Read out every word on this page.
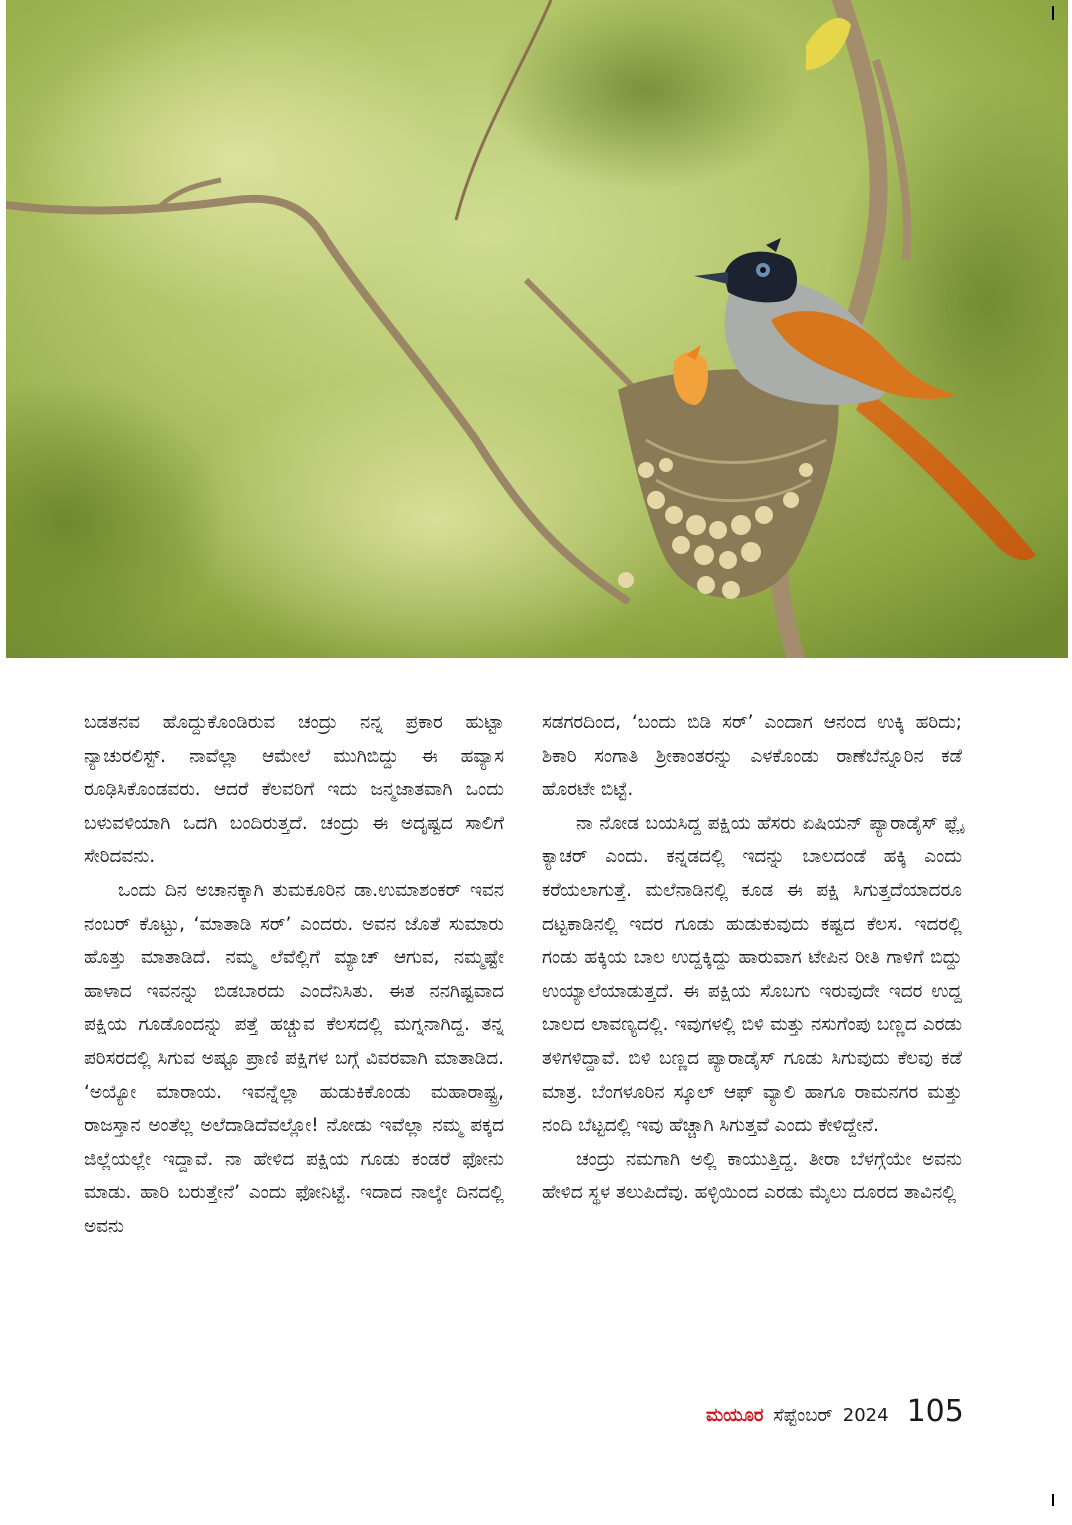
ಬಡತನವ ಹೊದ್ದುಕೊಂಡಿರುವ ಚಂದ್ರು ನನ್ನ ಪ್ರಕಾರ ಹುಟ್ಟಾ ನ್ಯಾಚುರಲಿಸ್ಟ್. ನಾವೆಲ್ಲಾ ಆಮೇಲೆ ಮುಗಿಬಿದ್ದು ಈ ಹವ್ಯಾಸ ರೂಢಿಸಿಕೊಂಡವರು. ಆದರೆ ಕೆಲವರಿಗೆ ಇದು ಜನ್ಮಜಾತವಾಗಿ ಒಂದು ಬಳುವಳಿಯಾಗಿ ಒದಗಿ ಬಂದಿರುತ್ತದೆ. ಚಂದ್ರು ಈ ಅದೃಷ್ಟದ ಸಾಲಿಗೆ ಸೇರಿದವನು.

ಒಂದು ದಿನ ಅಚಾನಕ್ಕಾಗಿ ತುಮಕೂರಿನ ಡಾ.ಉಮಾಶಂಕರ್ ಇವನ ನಂಬರ್ ಕೊಟ್ಟು, ‘ಮಾತಾಡಿ ಸರ್’ ಎಂದರು. ಅವನ ಜೊತೆ ಸುಮಾರು ಹೊತ್ತು ಮಾತಾಡಿದೆ. ನಮ್ಮ ಲೆವೆಲ್ಲಿಗೆ ಮ್ಯಾಚ್ ಆಗುವ, ನಮ್ಮಷ್ಟೇ ಹಾಳಾದ ಇವನನ್ನು ಬಿಡಬಾರದು ಎಂದೆನಿಸಿತು. ಈತ ನನಗಿಷ್ಟವಾದ ಪಕ್ಷಿಯ ಗೂಡೊಂದನ್ನು ಪತ್ತೆ ಹಚ್ಚುವ ಕೆಲಸದಲ್ಲಿ ಮಗ್ನನಾಗಿದ್ದ. ತನ್ನ ಪರಿಸರದಲ್ಲಿ ಸಿಗುವ ಅಷ್ಟೂ ಪ್ರಾಣಿ ಪಕ್ಷಿಗಳ ಬಗ್ಗೆ ವಿವರವಾಗಿ ಮಾತಾಡಿದ. ‘ಅಯ್ಯೋ ಮಾರಾಯ. ಇವನ್ನೆಲ್ಲಾ ಹುಡುಕಿಕೊಂಡು ಮಹಾರಾಷ್ಟ್ರ, ರಾಜಸ್ತಾನ ಅಂತೆಲ್ಲ ಅಲೆದಾಡಿದೆವಲ್ಲೋ! ನೋಡು ಇವೆಲ್ಲಾ ನಮ್ಮ ಪಕ್ಕದ ಜಿಲ್ಲೆಯಲ್ಲೇ ಇದ್ದಾವೆ. ನಾ ಹೇಳಿದ ಪಕ್ಷಿಯ ಗೂಡು ಕಂಡರೆ ಫೋನು ಮಾಡು. ಹಾರಿ ಬರುತ್ತೇನೆ’ ಎಂದು ಫೋನಿಟ್ಟೆ. ಇದಾದ ನಾಲ್ಕೇ ದಿನದಲ್ಲಿ ಅವನು

ಸಡಗರದಿಂದ, ‘ಬಂದು ಬಿಡಿ ಸರ್’ ಎಂದಾಗ ಆನಂದ ಉಕ್ಕಿ ಹರಿದು; ಶಿಕಾರಿ ಸಂಗಾತಿ ಶ್ರೀಕಾಂತರನ್ನು ಎಳಕೊಂಡು ರಾಣೆಬೆನ್ನೂರಿನ ಕಡೆ ಹೊರಟೇ ಬಿಟ್ಟೆ.

ನಾ ನೋಡ ಬಯಸಿದ್ದ ಪಕ್ಷಿಯ ಹೆಸರು ಏಷಿಯನ್ ಪ್ಯಾರಾಡೈಸ್ ಫ್ಲೈ ಕ್ಯಾಚರ್ ಎಂದು. ಕನ್ನಡದಲ್ಲಿ ಇದನ್ನು ಬಾಲದಂಡೆ ಹಕ್ಕಿ ಎಂದು ಕರೆಯಲಾಗುತ್ತೆ. ಮಲೆನಾಡಿನಲ್ಲಿ ಕೂಡ ಈ ಪಕ್ಷಿ ಸಿಗುತ್ತದೆಯಾದರೂ ದಟ್ಟಕಾಡಿನಲ್ಲಿ ಇದರ ಗೂಡು ಹುಡುಕುವುದು ಕಷ್ಟದ ಕೆಲಸ. ಇದರಲ್ಲಿ ಗಂಡು ಹಕ್ಕಿಯ ಬಾಲ ಉದ್ದಕ್ಕಿದ್ದು ಹಾರುವಾಗ ಟೇಪಿನ ರೀತಿ ಗಾಳಿಗೆ ಬಿದ್ದು ಉಯ್ಯಾಲೆಯಾಡುತ್ತದೆ. ಈ ಪಕ್ಷಿಯ ಸೊಬಗು ಇರುವುದೇ ಇದರ ಉದ್ದ ಬಾಲದ ಲಾವಣ್ಯದಲ್ಲಿ. ಇವುಗಳಲ್ಲಿ ಬಿಳಿ ಮತ್ತು ನಸುಗೆಂಪು ಬಣ್ಣದ ಎರಡು ತಳಿಗಳಿದ್ದಾವೆ. ಬಿಳಿ ಬಣ್ಣದ ಪ್ಯಾರಾಡೈಸ್ ಗೂಡು ಸಿಗುವುದು ಕೆಲವು ಕಡೆ ಮಾತ್ರ. ಬೆಂಗಳೂರಿನ ಸ್ಕೂಲ್ ಆಫ್ ವ್ಯಾಲಿ ಹಾಗೂ ರಾಮನಗರ ಮತ್ತು ನಂದಿ ಬೆಟ್ಟದಲ್ಲಿ ಇವು ಹೆಚ್ಚಾಗಿ ಸಿಗುತ್ತವೆ ಎಂದು ಕೇಳಿದ್ದೇನೆ.

ಚಂದ್ರು ನಮಗಾಗಿ ಅಲ್ಲಿ ಕಾಯುತ್ತಿದ್ದ. ತೀರಾ ಬೆಳಗ್ಗೆಯೇ ಅವನು ಹೇಳಿದ ಸ್ಥಳ ತಲುಪಿದೆವು. ಹಳ್ಳಿಯಿಂದ ಎರಡು ಮೈಲು ದೂರದ ತಾವಿನಲ್ಲಿ

ಮಯೂರ ಸೆಪ್ಟೆಂಬರ್ 2024 105
